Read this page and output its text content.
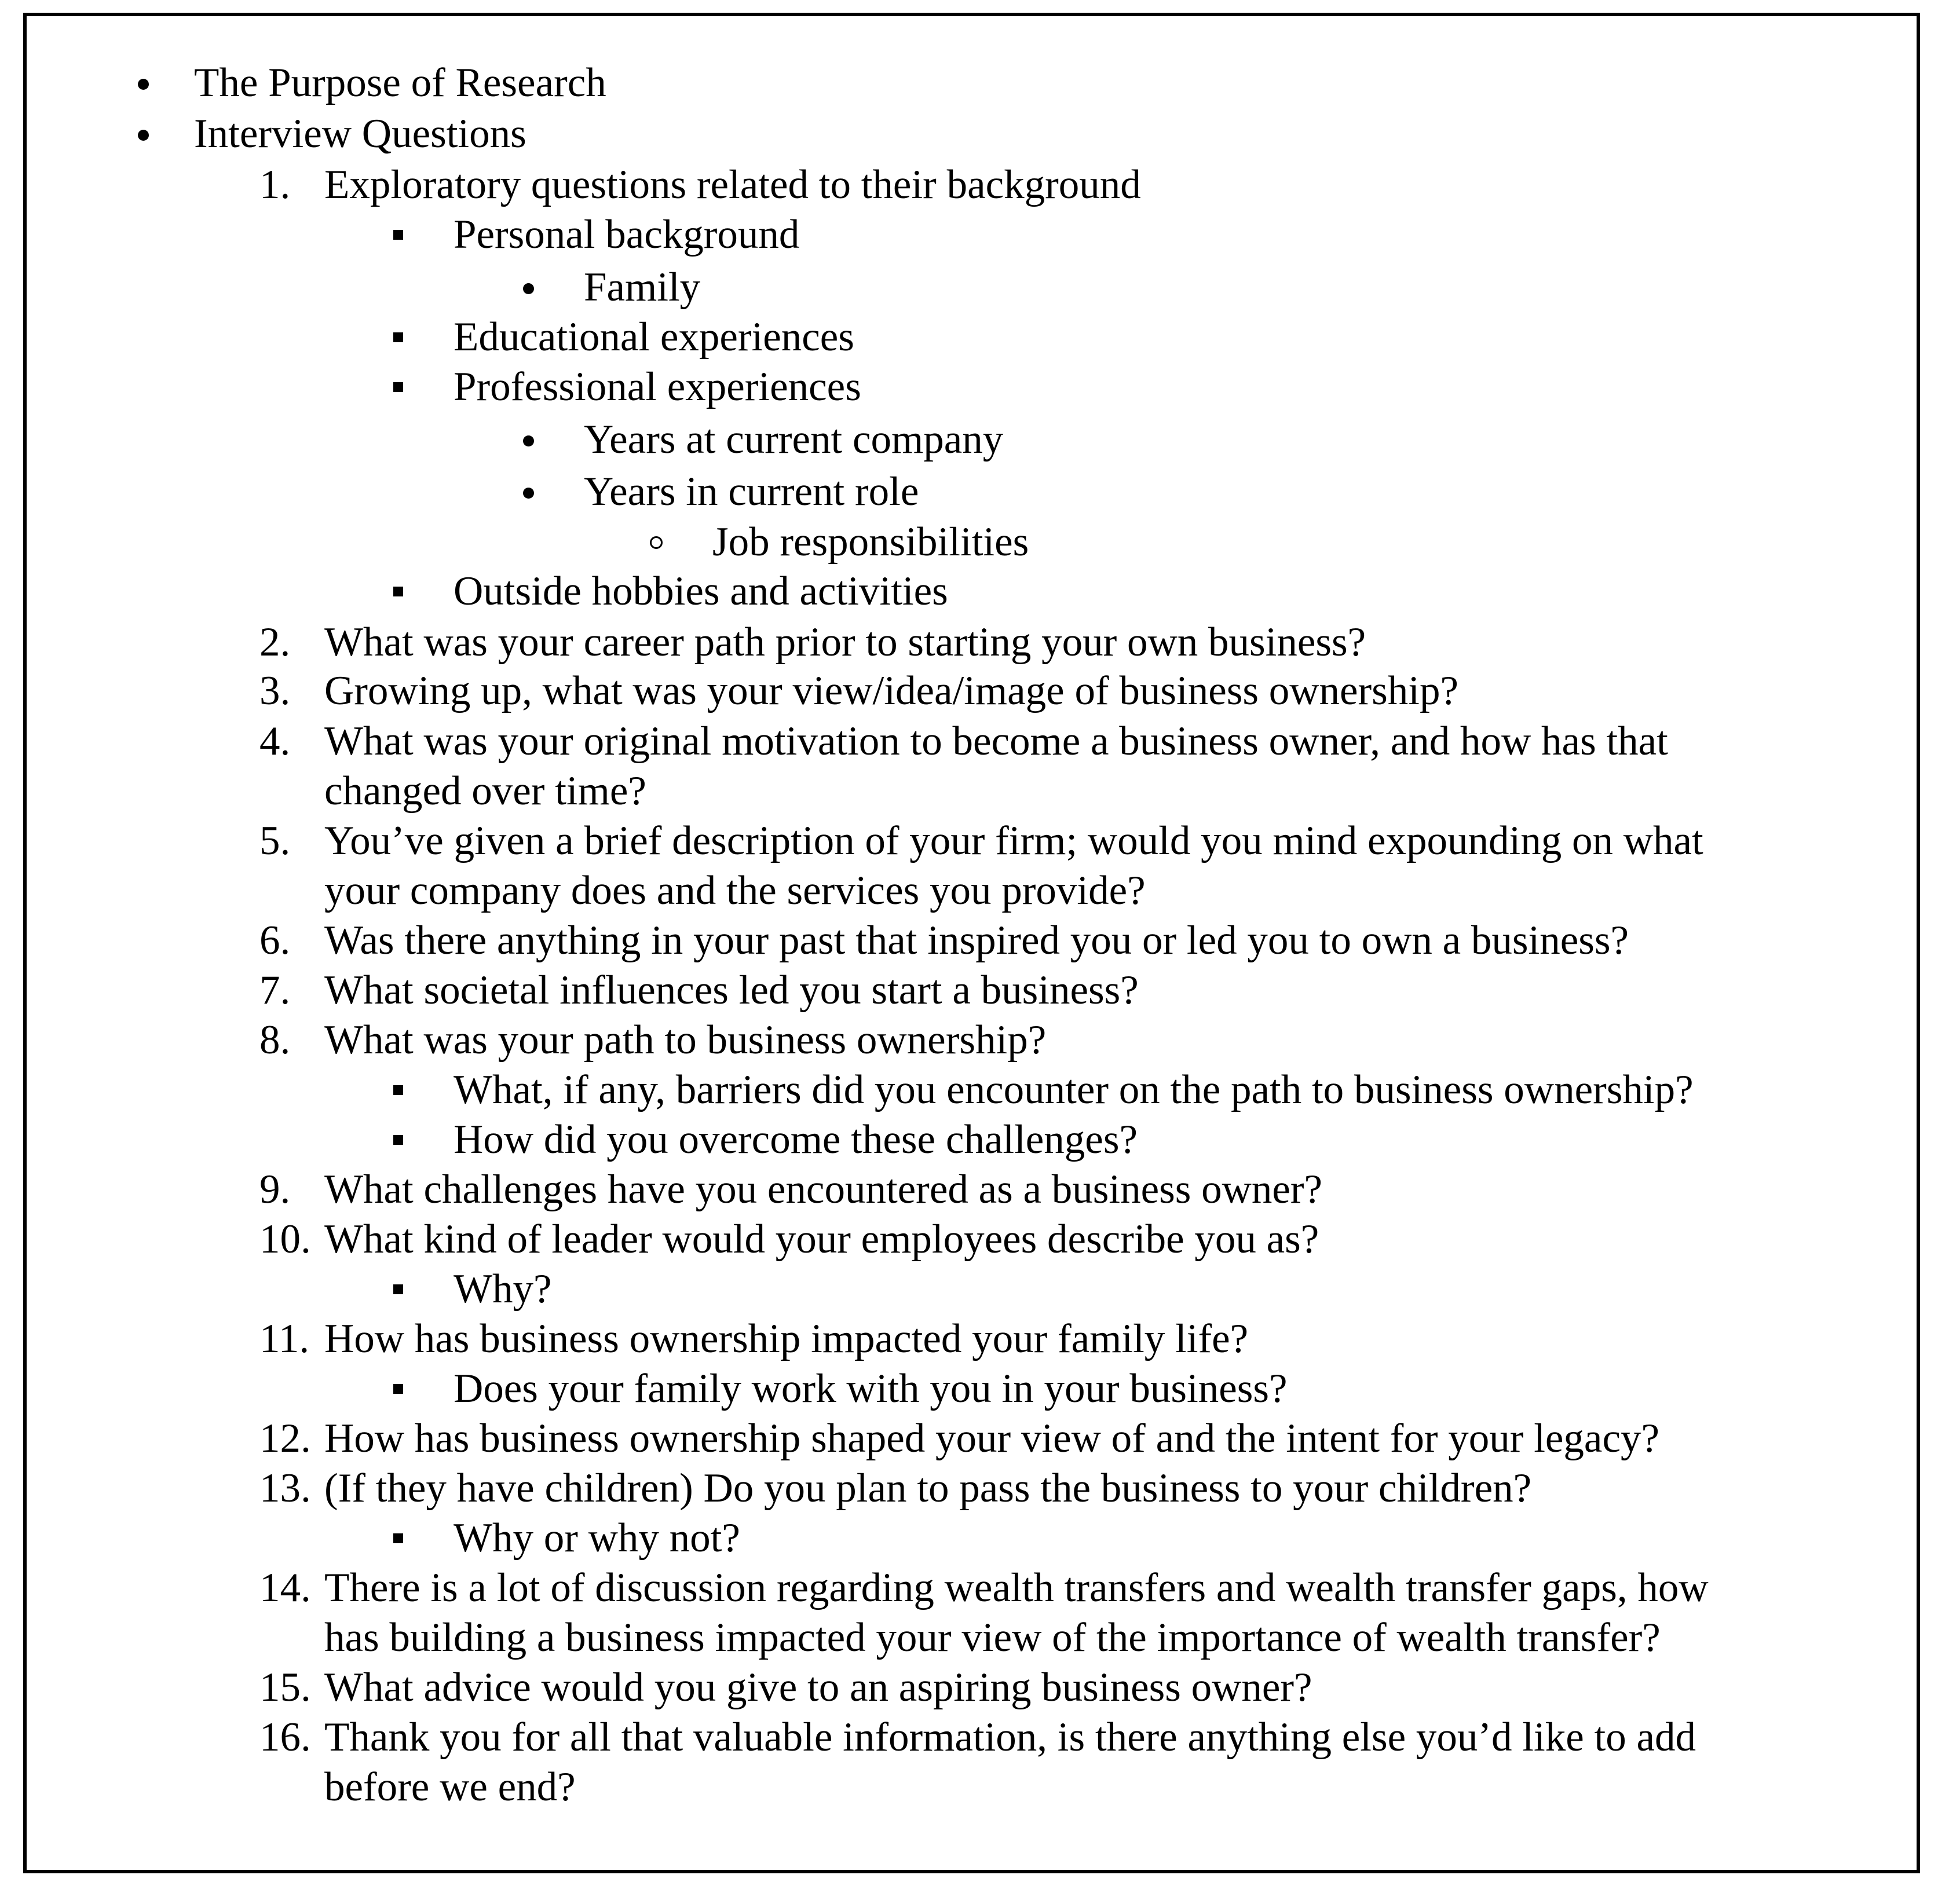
The Purpose of Research
Interview Questions
1. Exploratory questions related to their background
Personal background
Family
Educational experiences
Professional experiences
Years at current company
Years in current role
Job responsibilities
Outside hobbies and activities
2. What was your career path prior to starting your own business?
3. Growing up, what was your view/idea/image of business ownership?
4. What was your original motivation to become a business owner, and how has that
changed over time?
5. You’ve given a brief description of your firm; would you mind expounding on what
your company does and the services you provide?
6. Was there anything in your past that inspired you or led you to own a business?
7. What societal influences led you start a business?
8. What was your path to business ownership?
What, if any, barriers did you encounter on the path to business ownership?
How did you overcome these challenges?
9. What challenges have you encountered as a business owner?
10. What kind of leader would your employees describe you as?
Why?
11. How has business ownership impacted your family life?
Does your family work with you in your business?
12. How has business ownership shaped your view of and the intent for your legacy?
13. (If they have children) Do you plan to pass the business to your children?
Why or why not?
14. There is a lot of discussion regarding wealth transfers and wealth transfer gaps, how
has building a business impacted your view of the importance of wealth transfer?
15. What advice would you give to an aspiring business owner?
16. Thank you for all that valuable information, is there anything else you’d like to add
before we end?
